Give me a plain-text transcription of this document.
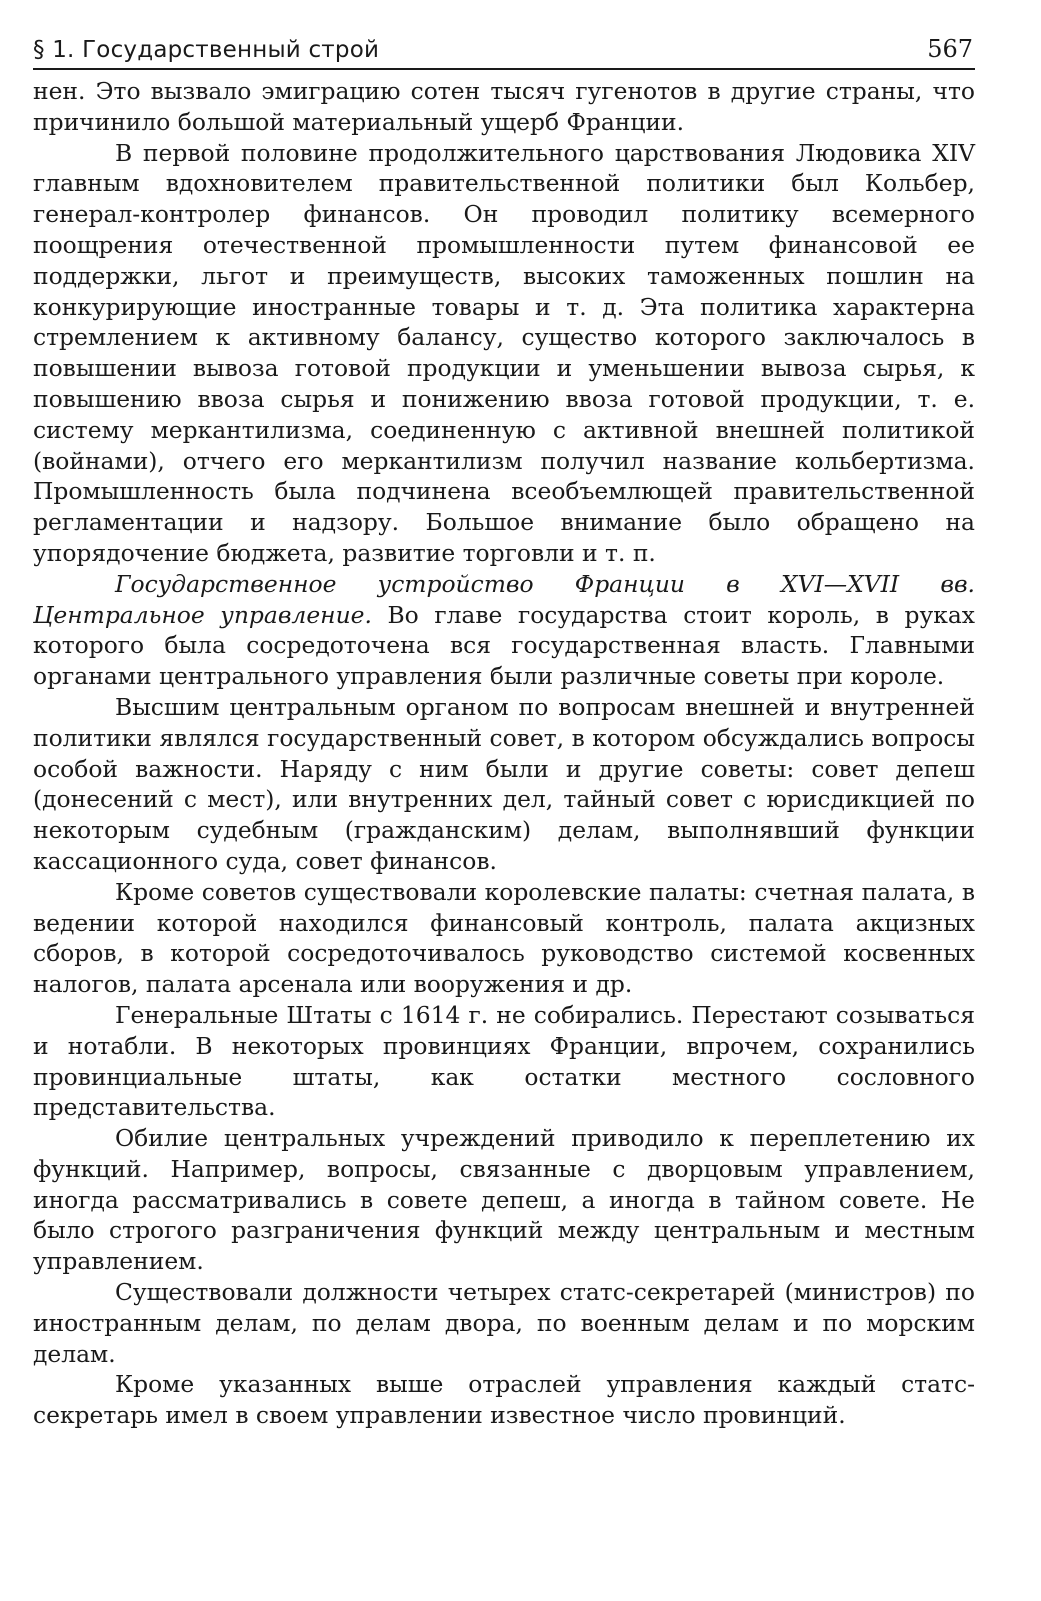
§ 1. Государственный строй	567

нен. Это вызвало эмиграцию сотен тысяч гугенотов в другие страны, что причинило большой материальный ущерб Франции.

В первой половине продолжительного царствования Людовика XIV главным вдохновителем правительственной политики был Кольбер, генерал-контролер финансов. Он проводил политику всемерного поощрения отечественной промышленности путем финансовой ее поддержки, льгот и преимуществ, высоких таможенных пошлин на конкурирующие иностранные товары и т. д. Эта политика характерна стремлением к активному балансу, существо которого заключалось в повышении вывоза готовой продукции и уменьшении вывоза сырья, к повышению ввоза сырья и понижению ввоза готовой продукции, т. е. систему меркантилизма, соединенную с активной внешней политикой (войнами), отчего его меркантилизм получил название кольбертизма. Промышленность была подчинена всеобъемлющей правительственной регламентации и надзору. Большое внимание было обращено на упорядочение бюджета, развитие торговли и т. п.

Государственное устройство Франции в XVI—XVII вв. Центральное управление. Во главе государства стоит король, в руках которого была сосредоточена вся государственная власть. Главными органами центрального управления были различные советы при короле.

Высшим центральным органом по вопросам внешней и внутренней политики являлся государственный совет, в котором обсуждались вопросы особой важности. Наряду с ним были и другие советы: совет депеш (донесений с мест), или внутренних дел, тайный совет с юрисдикцией по некоторым судебным (гражданским) делам, выполнявший функции кассационного суда, совет финансов.

Кроме советов существовали королевские палаты: счетная палата, в ведении которой находился финансовый контроль, палата акцизных сборов, в которой сосредоточивалось руководство системой косвенных налогов, палата арсенала или вооружения и др.

Генеральные Штаты с 1614 г. не собирались. Перестают созываться и нотабли. В некоторых провинциях Франции, впрочем, сохранились провинциальные штаты, как остатки местного сословного представительства.

Обилие центральных учреждений приводило к переплетению их функций. Например, вопросы, связанные с дворцовым управлением, иногда рассматривались в совете депеш, а иногда в тайном совете. Не было строгого разграничения функций между центральным и местным управлением.

Существовали должности четырех статс-секретарей (министров) по иностранным делам, по делам двора, по военным делам и по морским делам.

Кроме указанных выше отраслей управления каждый статс-секретарь имел в своем управлении известное число провинций.
